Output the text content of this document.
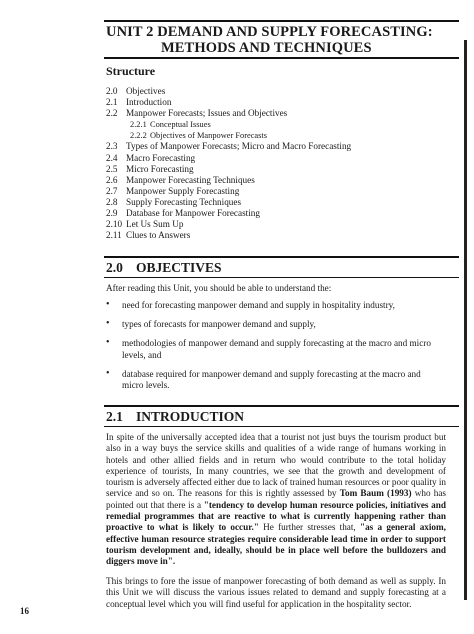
UNIT 2 DEMAND AND SUPPLY FORECASTING:
METHODS AND TECHNIQUES
Structure
2.0 Objectives
2.1 Introduction
2.2 Manpower Forecasts; Issues and Objectives
2.2.1 Conceptual Issues
2.2.2 Objectives of Manpower Forecasts
2.3 Types of Manpower Forecasts; Micro and Macro Forecasting
2.4 Macro Forecasting
2.5 Micro Forecasting
2.6 Manpower Forecasting Techniques
2.7 Manpower Supply Forecasting
2.8 Supply Forecasting Techniques
2.9 Database for Manpower Forecasting
2.10 Let Us Sum Up
2.11 Clues to Answers
2.0 OBJECTIVES
After reading this Unit, you should be able to understand the:
• need for forecasting manpower demand and supply in hospitality industry,
• types of forecasts for manpower demand and supply,
• methodologies of manpower demand and supply forecasting at the macro and micro levels, and
• database required for manpower demand and supply forecasting at the macro and micro levels.
2.1 INTRODUCTION
In spite of the universally accepted idea that a tourist not just buys the tourism product but also in a way buys the service skills and qualities of a wide range of humans working in hotels and other allied fields and in return who would contribute to the total holiday experience of tourists, In many countries, we see that the growth and development of tourism is adversely affected either due to lack of trained human resources or poor quality in service and so on. The reasons for this is rightly assessed by Tom Baum (1993) who has pointed out that there is a "tendency to develop human resource policies, initiatives and remedial programmes that are reactive to what is currently happening rather than proactive to what is likely to occur." He further stresses that, "as a general axiom, effective human resource strategies require considerable lead time in order to support tourism development and, ideally, should be in place well before the bulldozers and diggers move in".
This brings to fore the issue of manpower forecasting of both demand as well as supply. In this Unit we will discuss the various issues related to demand and supply forecasting at a conceptual level which you will find useful for application in the hospitality sector.
16
